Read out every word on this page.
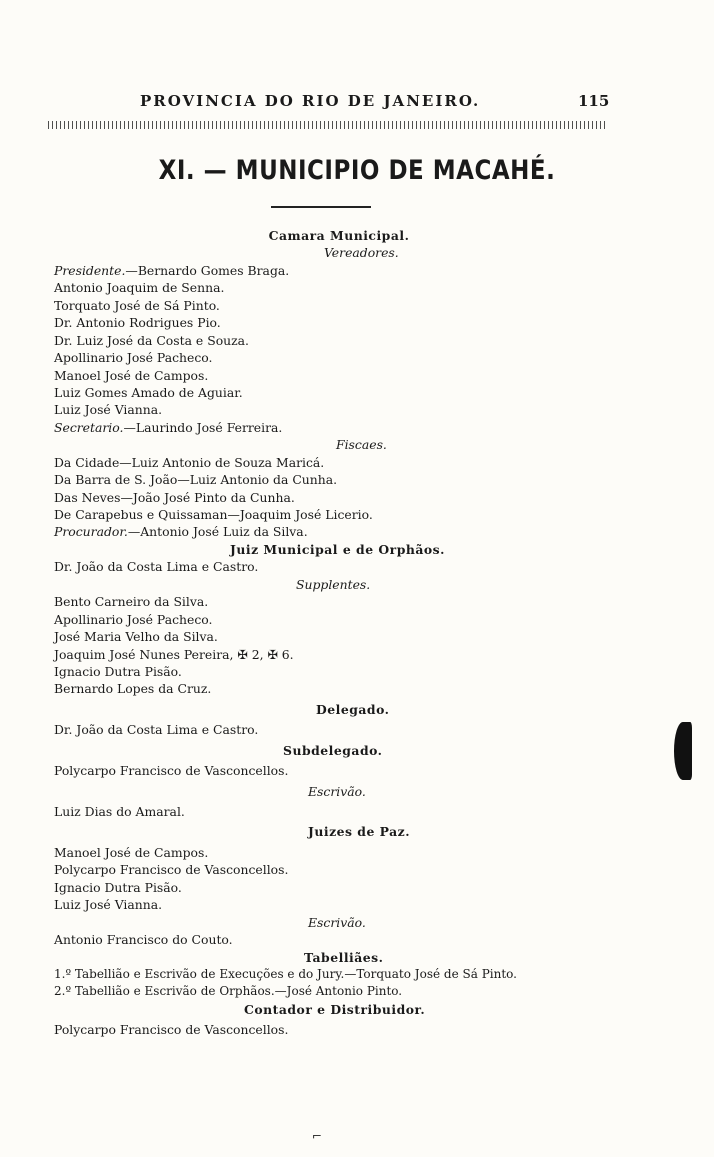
PROVINCIA DO RIO DE JANEIRO.	115
XI. — MUNICIPIO DE MACAHÉ.
Camara Municipal.
Vereadores.
Presidente.—Bernardo Gomes Braga.
Antonio Joaquim de Senna.
Torquato José de Sá Pinto.
Dr. Antonio Rodrigues Pio.
Dr. Luiz José da Costa e Souza.
Apollinario José Pacheco.
Manoel José de Campos.
Luiz Gomes Amado de Aguiar.
Luiz José Vianna.
Secretario.—Laurindo José Ferreira.
Fiscaes.
Da Cidade—Luiz Antonio de Souza Maricá.
Da Barra de S. João—Luiz Antonio da Cunha.
Das Neves—João José Pinto da Cunha.
De Carapebus e Quissaman—Joaquim José Licerio.
Procurador.—Antonio José Luiz da Silva.
Juiz Municipal e de Orphãos.
Dr. João da Costa Lima e Castro.
Supplentes.
Bento Carneiro da Silva.
Apollinario José Pacheco.
José Maria Velho da Silva.
Joaquim José Nunes Pereira, ✠ 2, ✠ 6.
Ignacio Dutra Pisão.
Bernardo Lopes da Cruz.
Delegado.
Dr. João da Costa Lima e Castro.
Subdelegado.
Polycarpo Francisco de Vasconcellos.
Escrivão.
Luiz Dias do Amaral.
Juizes de Paz.
Manoel José de Campos.
Polycarpo Francisco de Vasconcellos.
Ignacio Dutra Pisão.
Luiz José Vianna.
Escrivão.
Antonio Francisco do Couto.
Tabelliães.
1.º Tabellião e Escrivão de Execuções e do Jury.—Torquato José de Sá Pinto.
2.º Tabellião e Escrivão de Orphãos.—José Antonio Pinto.
Contador e Distribuidor.
Polycarpo Francisco de Vasconcellos.
⌐
